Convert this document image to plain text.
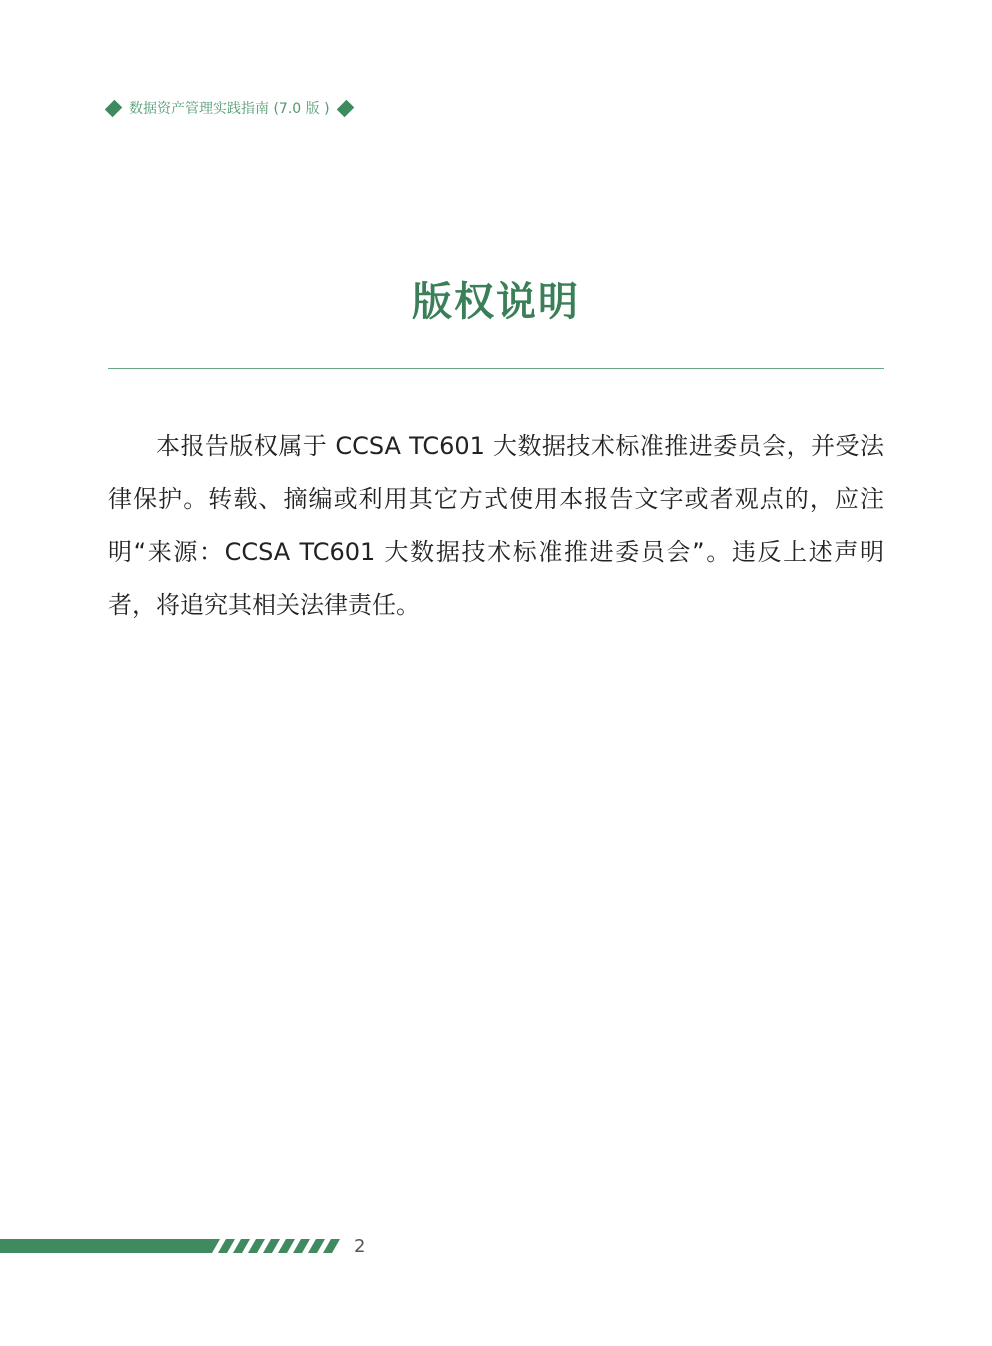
数据资产管理实践指南 (7.0 版 )
版权说明

本报告版权属于 CCSA TC601 大数据技术标准推进委员会，并受法律保护。转载、摘编或利用其它方式使用本报告文字或者观点的，应注明“来源：CCSA TC601 大数据技术标准推进委员会”。违反上述声明者，将追究其相关法律责任。

2
